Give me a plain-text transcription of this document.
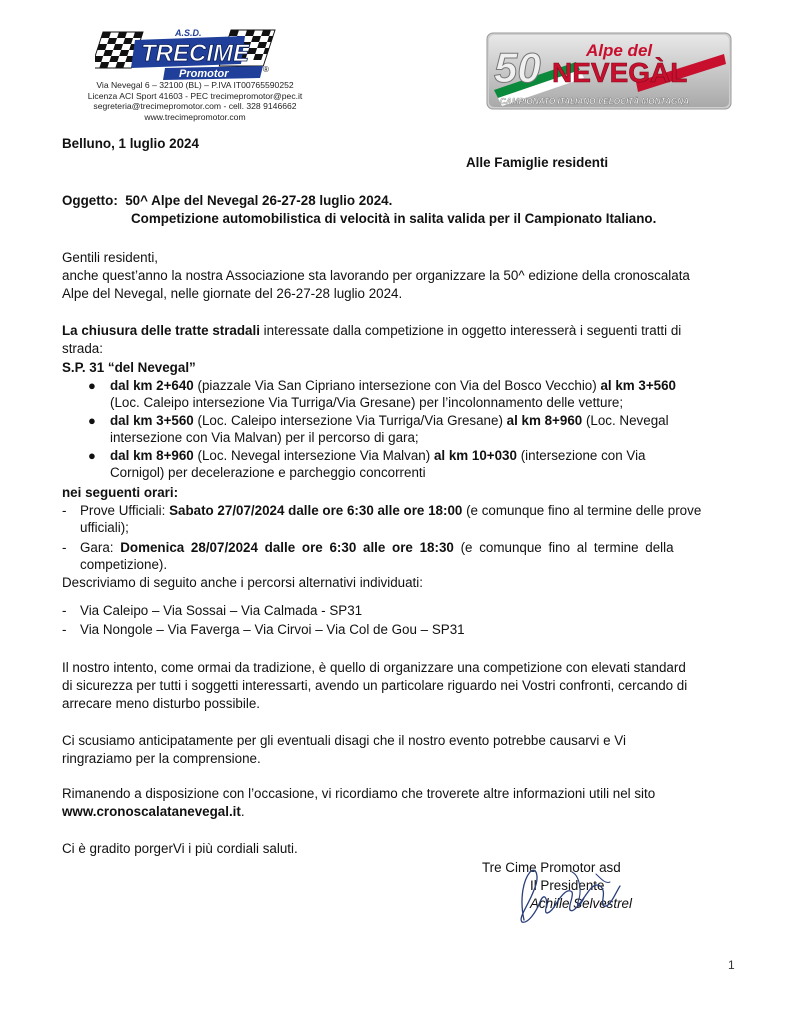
A.S.D.
TRECIME
Promotor	®
Via Nevegal 6 – 32100 (BL) – P.IVA IT00765590252
Licenza ACI Sport 41603 - PEC trecimepromotor@pec.it
segreteria@trecimepromotor.com - cell. 328 9146662
www.trecimepromotor.com
50	Alpe del
NEVEGÀL
CAMPIONATO ITALIANO VELOCITÀ MONTAGNA
Belluno, 1 luglio 2024
Alle Famiglie residenti
Oggetto: 50^ Alpe del Nevegal 26-27-28 luglio 2024.
Competizione automobilistica di velocità in salita valida per il Campionato Italiano.
Gentili residenti,
anche quest’anno la nostra Associazione sta lavorando per organizzare la 50^ edizione della cronoscalata
Alpe del Nevegal, nelle giornate del 26-27-28 luglio 2024.
La chiusura delle tratte stradali interessate dalla competizione in oggetto interesserà i seguenti tratti di
strada:
S.P. 31 “del Nevegal”
● dal km 2+640 (piazzale Via San Cipriano intersezione con Via del Bosco Vecchio) al km 3+560
(Loc. Caleipo intersezione Via Turriga/Via Gresane) per l’incolonnamento delle vetture;
● dal km 3+560 (Loc. Caleipo intersezione Via Turriga/Via Gresane) al km 8+960 (Loc. Nevegal
intersezione con Via Malvan) per il percorso di gara;
● dal km 8+960 (Loc. Nevegal intersezione Via Malvan) al km 10+030 (intersezione con Via
Cornigol) per decelerazione e parcheggio concorrenti
nei seguenti orari:
- Prove Ufficiali: Sabato 27/07/2024 dalle ore 6:30 alle ore 18:00 (e comunque fino al termine delle prove
ufficiali);
- Gara: Domenica 28/07/2024 dalle ore 6:30 alle ore 18:30 (e comunque fino al termine della
competizione).
Descriviamo di seguito anche i percorsi alternativi individuati:
- Via Caleipo – Via Sossai – Via Calmada - SP31
- Via Nongole – Via Faverga – Via Cirvoi – Via Col de Gou – SP31
Il nostro intento, come ormai da tradizione, è quello di organizzare una competizione con elevati standard
di sicurezza per tutti i soggetti interessarti, avendo un particolare riguardo nei Vostri confronti, cercando di
arrecare meno disturbo possibile.
Ci scusiamo anticipatamente per gli eventuali disagi che il nostro evento potrebbe causarvi e Vi
ringraziamo per la comprensione.
Rimanendo a disposizione con l’occasione, vi ricordiamo che troverete altre informazioni utili nel sito
www.cronoscalatanevegal.it.
Ci è gradito porgerVi i più cordiali saluti.
Tre Cime Promotor asd
Il Presidente
Achille Selvestrel
1
